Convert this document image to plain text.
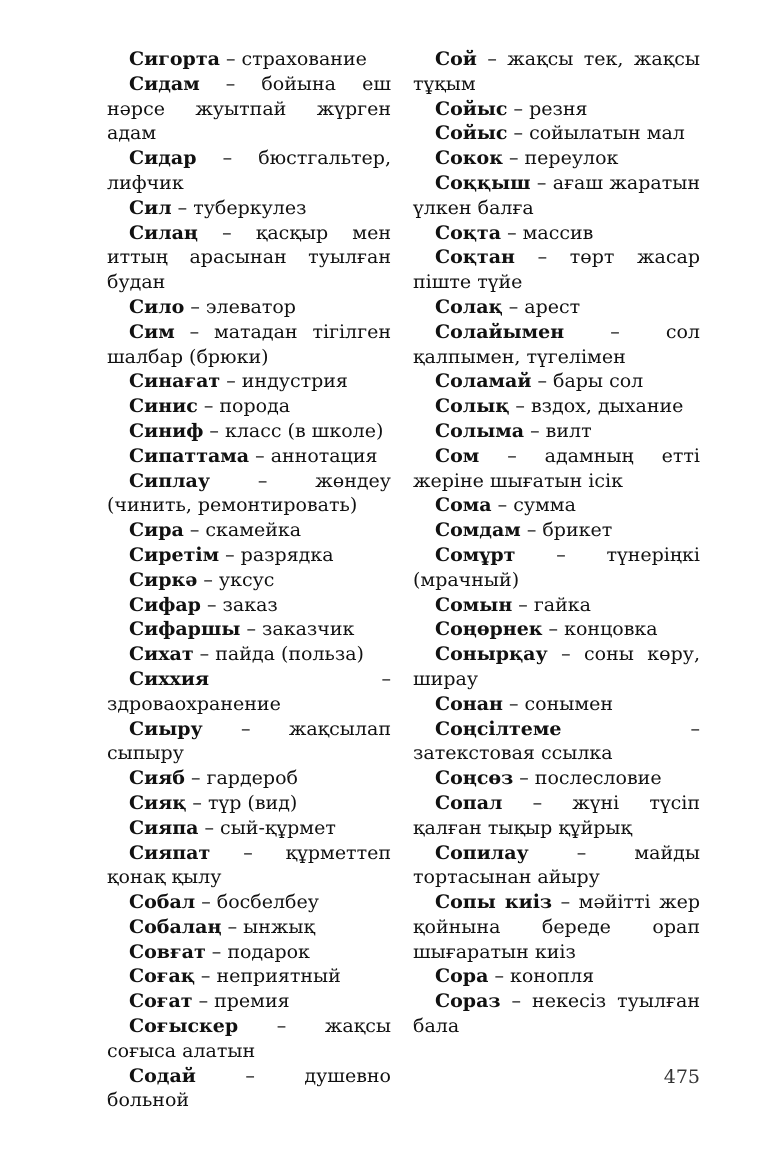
Сигорта – страхование

Сидам – бойына еш нәрсе жуытпай жүрген адам

Сидар – бюстгальтер, лифчик

Сил – туберкулез

Силаң – қасқыр мен иттың арасынан туылған будан

Сило – элеватор

Сим – матадан тігілген шалбар (брюки)

Синағат – индустрия

Синис – порода

Синиф – класс (в школе)

Сипаттама – аннотация

Сиплау – жөндеу (чинить, ремонтировать)

Сира – скамейка

Сиретім – разрядка

Сиркә – уксус

Сифар – заказ

Сифаршы – заказчик

Сихат – пайда (польза)

Сиххия – здроваохранение

Сиыру – жақсылап сыпыру

Сияб – гардероб

Сияқ – түр (вид)

Сияпа – сый-құрмет

Сияпат – құрметтеп қонақ қылу

Собал – босбелбеу

Собалаң – ынжық

Совғат – подарок

Соғақ – неприятный

Соғат – премия

Соғыскер – жақсы соғыса алатын

Содай – душевно больной

Сой – жақсы тек, жақсы тұқым

Сойыс – резня

Сойыс – сойылатын мал

Сокок – переулок

Соққыш – ағаш жаратын үлкен балға

Соқта – массив

Соқтан – төрт жасар піште түйе

Солақ – арест

Солайымен – сол қалпымен, түгелімен

Соламай – бары сол

Солық – вздох, дыхание

Солыма – вилт

Сом – адамның етті жеріне шығатын ісік

Сома – сумма

Сомдам – брикет

Сомұрт – түнеріңкі (мрачный)

Сомын – гайка

Соңөрнек – концовка

Сонырқау – соны көру, ширау

Сонан – сонымен

Соңсілтеме – затекстовая ссылка

Соңсөз – послесловие

Сопал – жүні түсіп қалған тықыр құйрық

Сопилау – майды тортасынан айыру

Сопы киіз – мәйітті жер қойнына береде орап шығаратын киіз

Сора – конопля

Сораз – некесіз туылған бала

475
